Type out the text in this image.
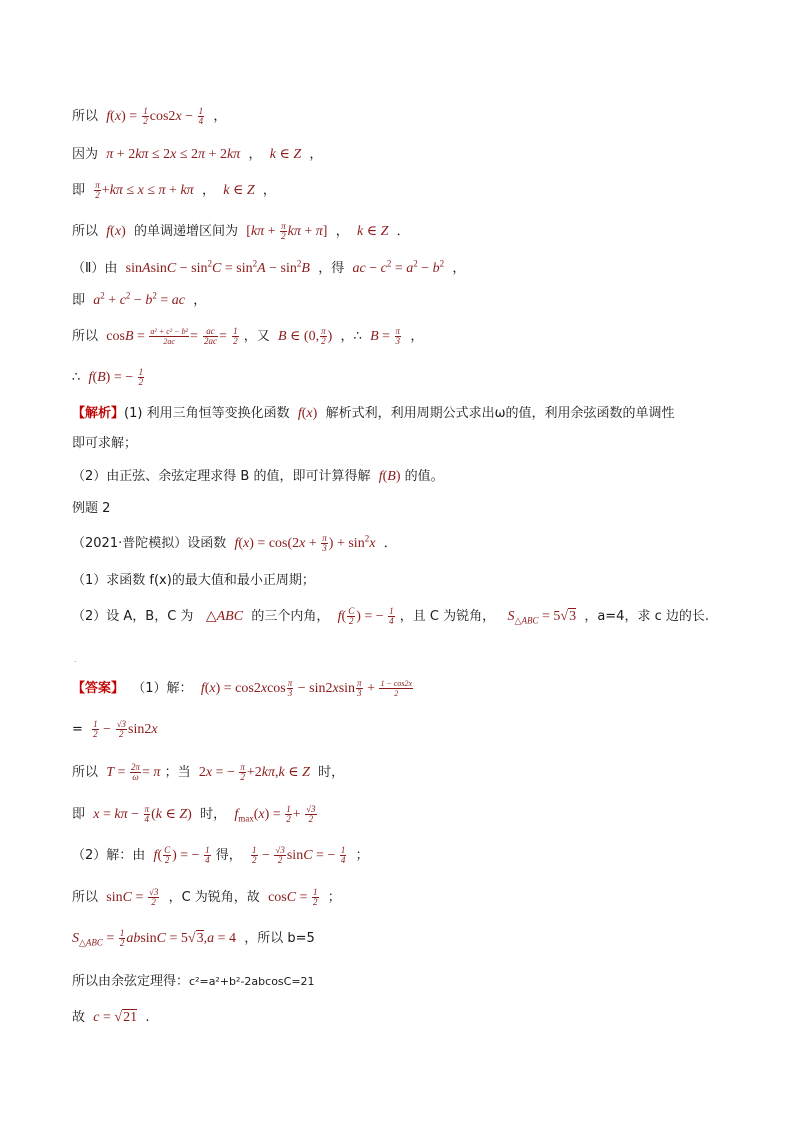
所以 $f(x) = \frac{1}{2} \cos 2x - \frac{1}{4}$ ，
因为 π + 2kπ ≤ 2x ≤ 2π + 2kπ  ，  k ∈ Z ，
即 $\frac{\pi}{2} +k\pi \le x \le \pi + k\pi$  ，  k ∈ Z ，
所以 f(x) 的单调递增区间为 [$k\pi + \frac{\pi}{2}$ kπ + π]  ，  k ∈ Z ．
（Ⅱ）由 sinAsinC − $\sin^2C = \sin^2A - \sin^2B$ ，得 ac − $c^2 = a^2 - b^2$ ，
即 $a^2 + c^2 - b^2$ = ac ，
所以 $\cos B = \frac{\text{a² + c² − b²}}{2ac} = \frac{ac}{2ac} = \frac{1}{2}$ ，又 B ∈ (0, $\frac{\pi}{2}$ ) ，∴ $B = \frac{\pi}{3}$ ，
∴ f(B) = − $\frac{1}{2}$
【解析】(1) 利用三角恒等变换化函数 f(x) 解析式利，利用周期公式求出ω的值，利用余弦函数的单调性
即可求解；
（2）由正弦、余弦定理求得 B 的值，即可计算得解 f(B) 的值。
例题 2
（2021·普陀模拟）设函数 $f(x) = \cos(2x + \frac{\pi}{3}$ ) + $\sin^2x$ ．
（1）求函数 f(x)的最大值和最小正周期；
（2）设 A，B，C 为 △ABC 的三个内角， $f( \frac{C}{2}$ ) = − $\frac{1}{4}$ ，且 C 为锐角， $S_{\triangle ABC} = 5√3$ ，a=4，求 c 边的长.
.
【答案】 （1）解： $f(x) = \cos 2xcos \frac{\pi}{3} - \sin 2xsin \frac{\pi}{3} + \frac{1 - \cos 2x}{2}$
= $\frac{1}{2} - \frac{√3}{2} \sin 2x$
所以 $T = \frac{2\pi}{\omega} = \pi$ ；当 2x = − $\frac{\pi}{2} +2k\pi,k$ ∈ Z 时，
即 $x = k\pi - \frac{\pi}{4} (k$ ∈ Z) 时， $f_{max}(x) = \frac{1}{2} + \frac{√3}{2}$
（2）解：由 $f( \frac{C}{2}$ ) = − $\frac{1}{4}$ 得， $\frac{1}{2} - \frac{√3}{2}$ sinC = − $\frac{1}{4}$ ；
所以 $\sin C = \frac{√3}{2}$ ，C 为锐角，故 $\cos C = \frac{1}{2}$ ；
$S_{\triangle ABC} = \frac{1}{2}$ absinC = 5√3,a = 4 ，所以 b=5
所以由余弦定理得：c²=a²+b²-2abcosC=21
故 c = √21 .
